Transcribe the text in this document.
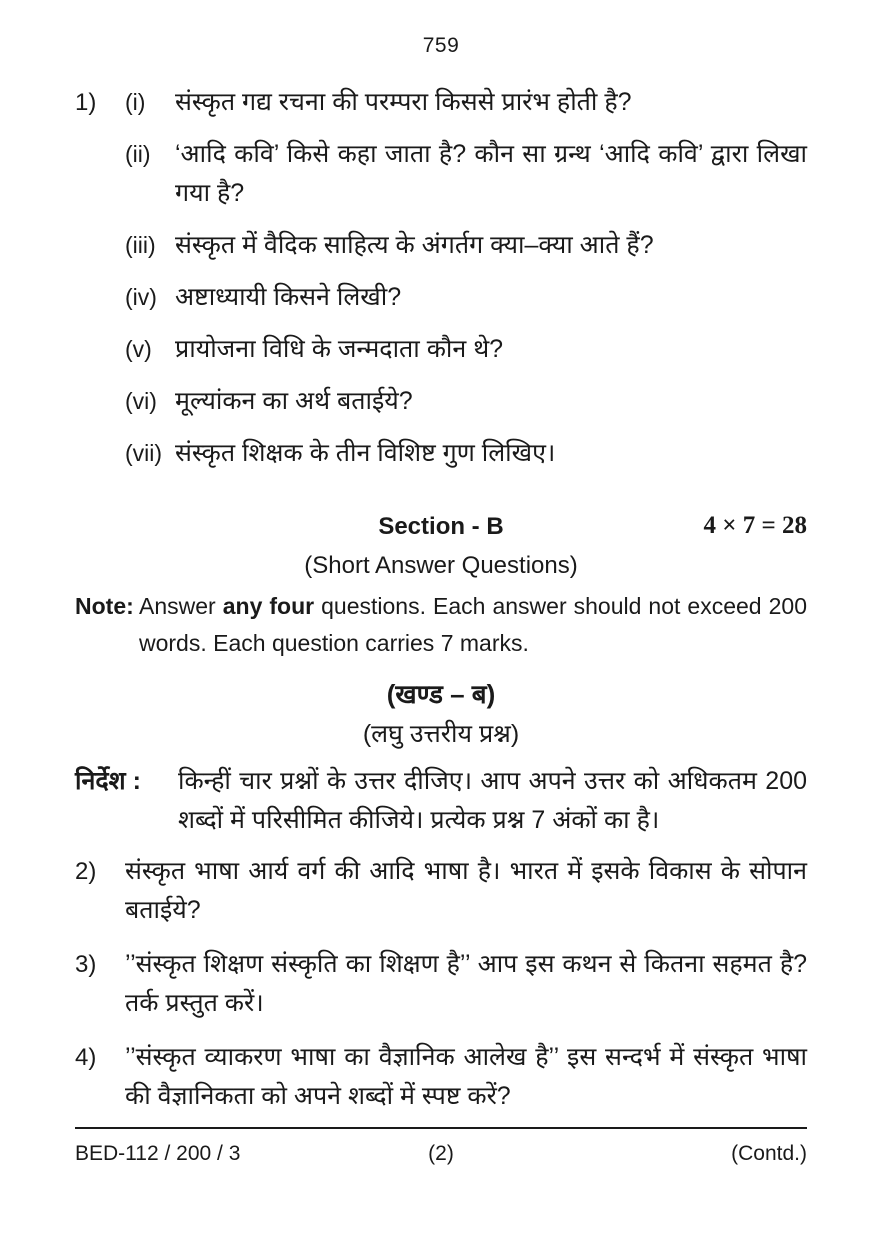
759
1)	(i)	संस्कृत गद्य रचना की परम्परा किससे प्रारंभ होती है?
(ii) ‘आदि कवि’ किसे कहा जाता है? कौन सा ग्रन्थ ‘आदि कवि’ द्वारा लिखा गया है?
(iii) संस्कृत में वैदिक साहित्य के अंगर्तग क्या–क्या आते हैं?
(iv) अष्टाध्यायी किसने लिखी?
(v) प्रायोजना विधि के जन्मदाता कौन थे?
(vi) मूल्यांकन का अर्थ बताईये?
(vii) संस्कृत शिक्षक के तीन विशिष्ट गुण लिखिए।
Section - B	4 × 7 = 28
(Short Answer Questions)
Note: Answer any four questions. Each answer should not exceed 200 words. Each question carries 7 marks.
(खण्ड – ब)
(लघु उत्तरीय प्रश्न)
निर्देश :	किन्हीं चार प्रश्नों के उत्तर दीजिए। आप अपने उत्तर को अधिकतम 200 शब्दों में परिसीमित कीजिये। प्रत्येक प्रश्न 7 अंकों का है।
2)	संस्कृत भाषा आर्य वर्ग की आदि भाषा है। भारत में इसके विकास के सोपान बताईये?
3)	’’संस्कृत शिक्षण संस्कृति का शिक्षण है’’ आप इस कथन से कितना सहमत है? तर्क प्रस्तुत करें।
4)	’’संस्कृत व्याकरण भाषा का वैज्ञानिक आलेख है’’ इस सन्दर्भ में संस्कृत भाषा की वैज्ञानिकता को अपने शब्दों में स्पष्ट करें?
BED-112 / 200 / 3	(2)	(Contd.)
